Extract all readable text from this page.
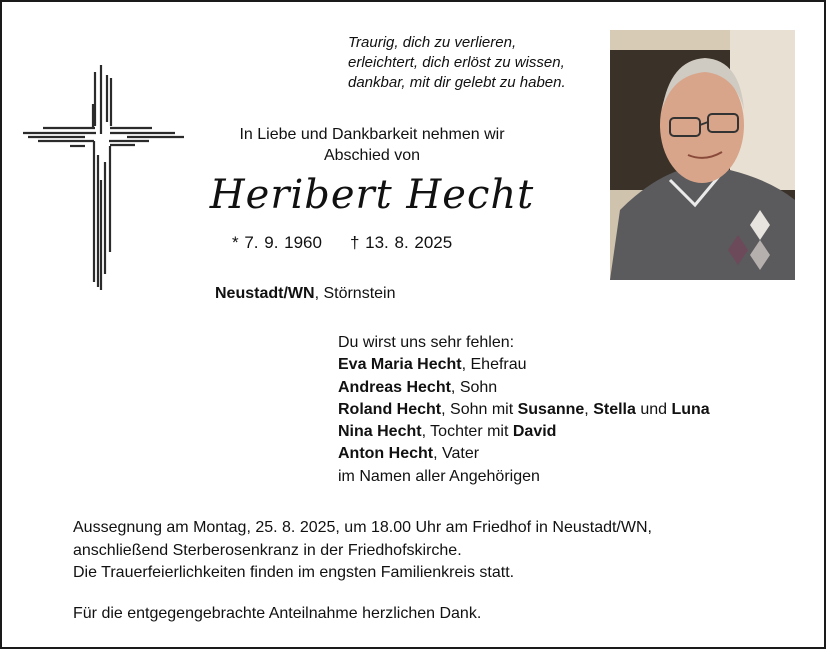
Traurig, dich zu verlieren,
erleichtert, dich erlöst zu wissen,
dankbar, mit dir gelebt zu haben.
In Liebe und Dankbarkeit nehmen wir
Abschied von
Heribert Hecht
* 7. 9. 1960 † 13. 8. 2025
Neustadt/WN, Störnstein
Du wirst uns sehr fehlen:
Eva Maria Hecht, Ehefrau
Andreas Hecht, Sohn
Roland Hecht, Sohn mit Susanne, Stella und Luna
Nina Hecht, Tochter mit David
Anton Hecht, Vater
im Namen aller Angehörigen
Aussegnung am Montag, 25. 8. 2025, um 18.00 Uhr am Friedhof in Neustadt/WN,
anschließend Sterberosenkranz in der Friedhofskirche.
Die Trauerfeierlichkeiten finden im engsten Familienkreis statt.
Für die entgegengebrachte Anteilnahme herzlichen Dank.
